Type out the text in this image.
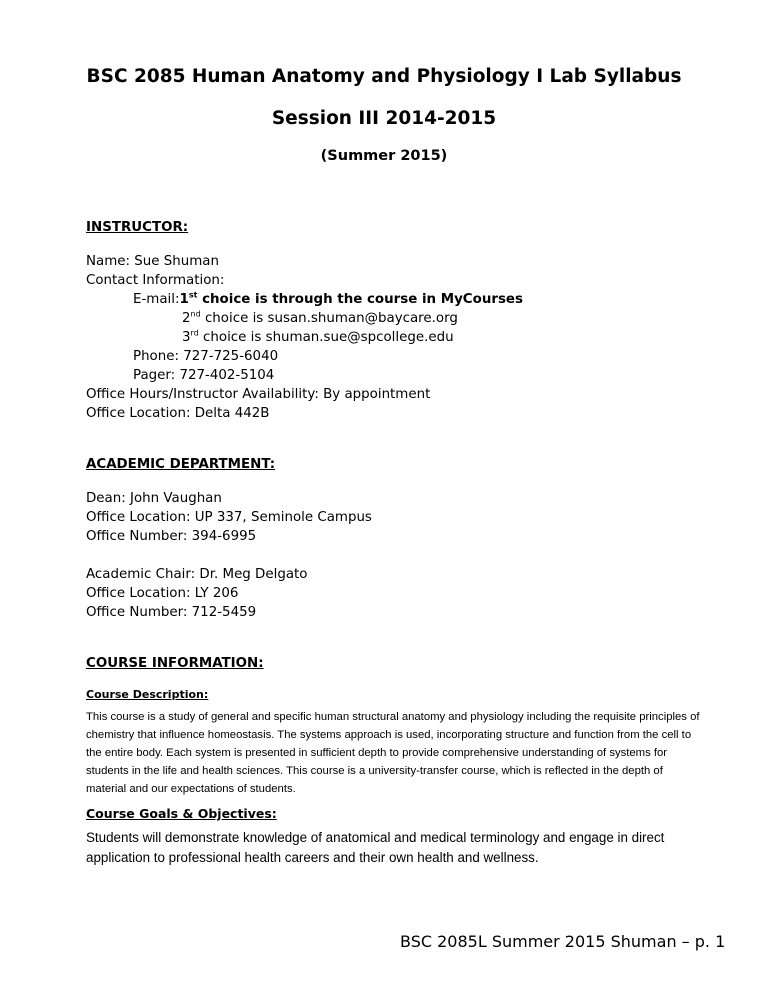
BSC 2085 Human Anatomy and Physiology I Lab Syllabus
Session III 2014-2015
(Summer 2015)
INSTRUCTOR:
Name: Sue Shuman
Contact Information:
E-mail:1st choice is through the course in MyCourses
2nd choice is susan.shuman@baycare.org
3rd choice is shuman.sue@spcollege.edu
Phone: 727-725-6040
Pager: 727-402-5104
Office Hours/Instructor Availability: By appointment
Office Location: Delta 442B
ACADEMIC DEPARTMENT:
Dean: John Vaughan
Office Location: UP 337, Seminole Campus
Office Number: 394-6995
Academic Chair: Dr. Meg Delgato
Office Location: LY 206
Office Number: 712-5459
COURSE INFORMATION:
Course Description:
This course is a study of general and specific human structural anatomy and physiology including the requisite principles of chemistry that influence homeostasis. The systems approach is used, incorporating structure and function from the cell to the entire body. Each system is presented in sufficient depth to provide comprehensive understanding of systems for students in the life and health sciences. This course is a university-transfer course, which is reflected in the depth of material and our expectations of students.
Course Goals & Objectives:
Students will demonstrate knowledge of anatomical and medical terminology and engage in direct application to professional health careers and their own health and wellness.
BSC 2085L Summer 2015 Shuman – p. 1
